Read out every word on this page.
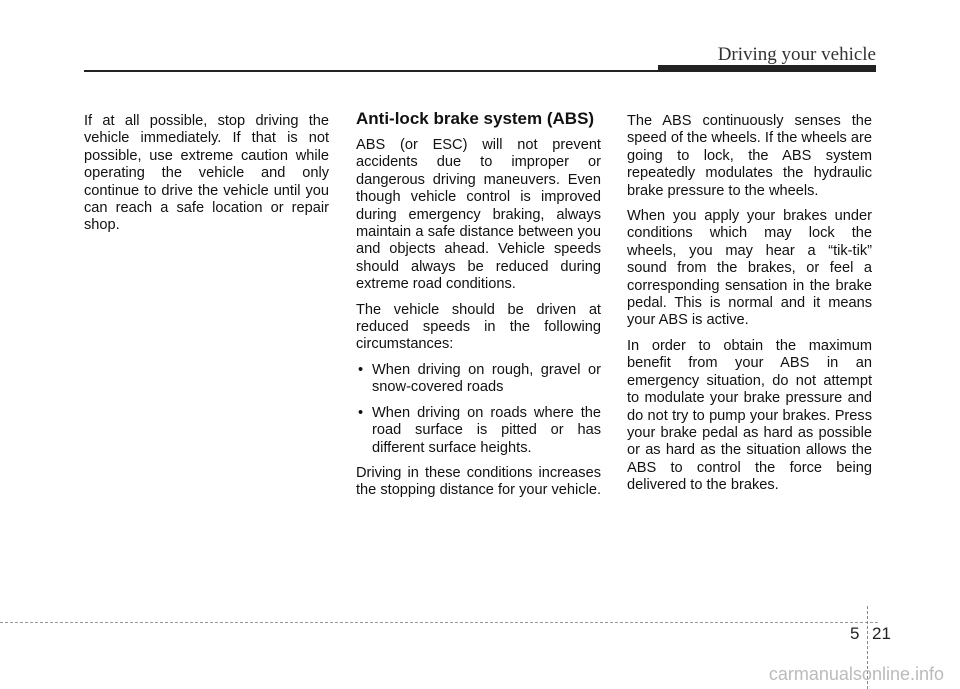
Driving your vehicle

If at all possible, stop driving the vehicle immediately. If that is not possible, use extreme caution while operating the vehicle and only continue to drive the vehicle until you can reach a safe location or repair shop.

Anti-lock brake system (ABS)

ABS (or ESC) will not prevent accidents due to improper or dangerous driving maneuvers. Even though vehicle control is improved during emergency braking, always maintain a safe distance between you and objects ahead. Vehicle speeds should always be reduced during extreme road conditions.

The vehicle should be driven at reduced speeds in the following circumstances:

• When driving on rough, gravel or snow-covered roads
• When driving on roads where the road surface is pitted or has different surface heights.

Driving in these conditions increases the stopping distance for your vehicle.

The ABS continuously senses the speed of the wheels. If the wheels are going to lock, the ABS system repeatedly modulates the hydraulic brake pressure to the wheels.

When you apply your brakes under conditions which may lock the wheels, you may hear a “tik-tik” sound from the brakes, or feel a corresponding sensation in the brake pedal. This is normal and it means your ABS is active.

In order to obtain the maximum benefit from your ABS in an emergency situation, do not attempt to modulate your brake pressure and do not try to pump your brakes. Press your brake pedal as hard as possible or as hard as the situation allows the ABS to control the force being delivered to the brakes.

5 21
carmanualsonline.info
